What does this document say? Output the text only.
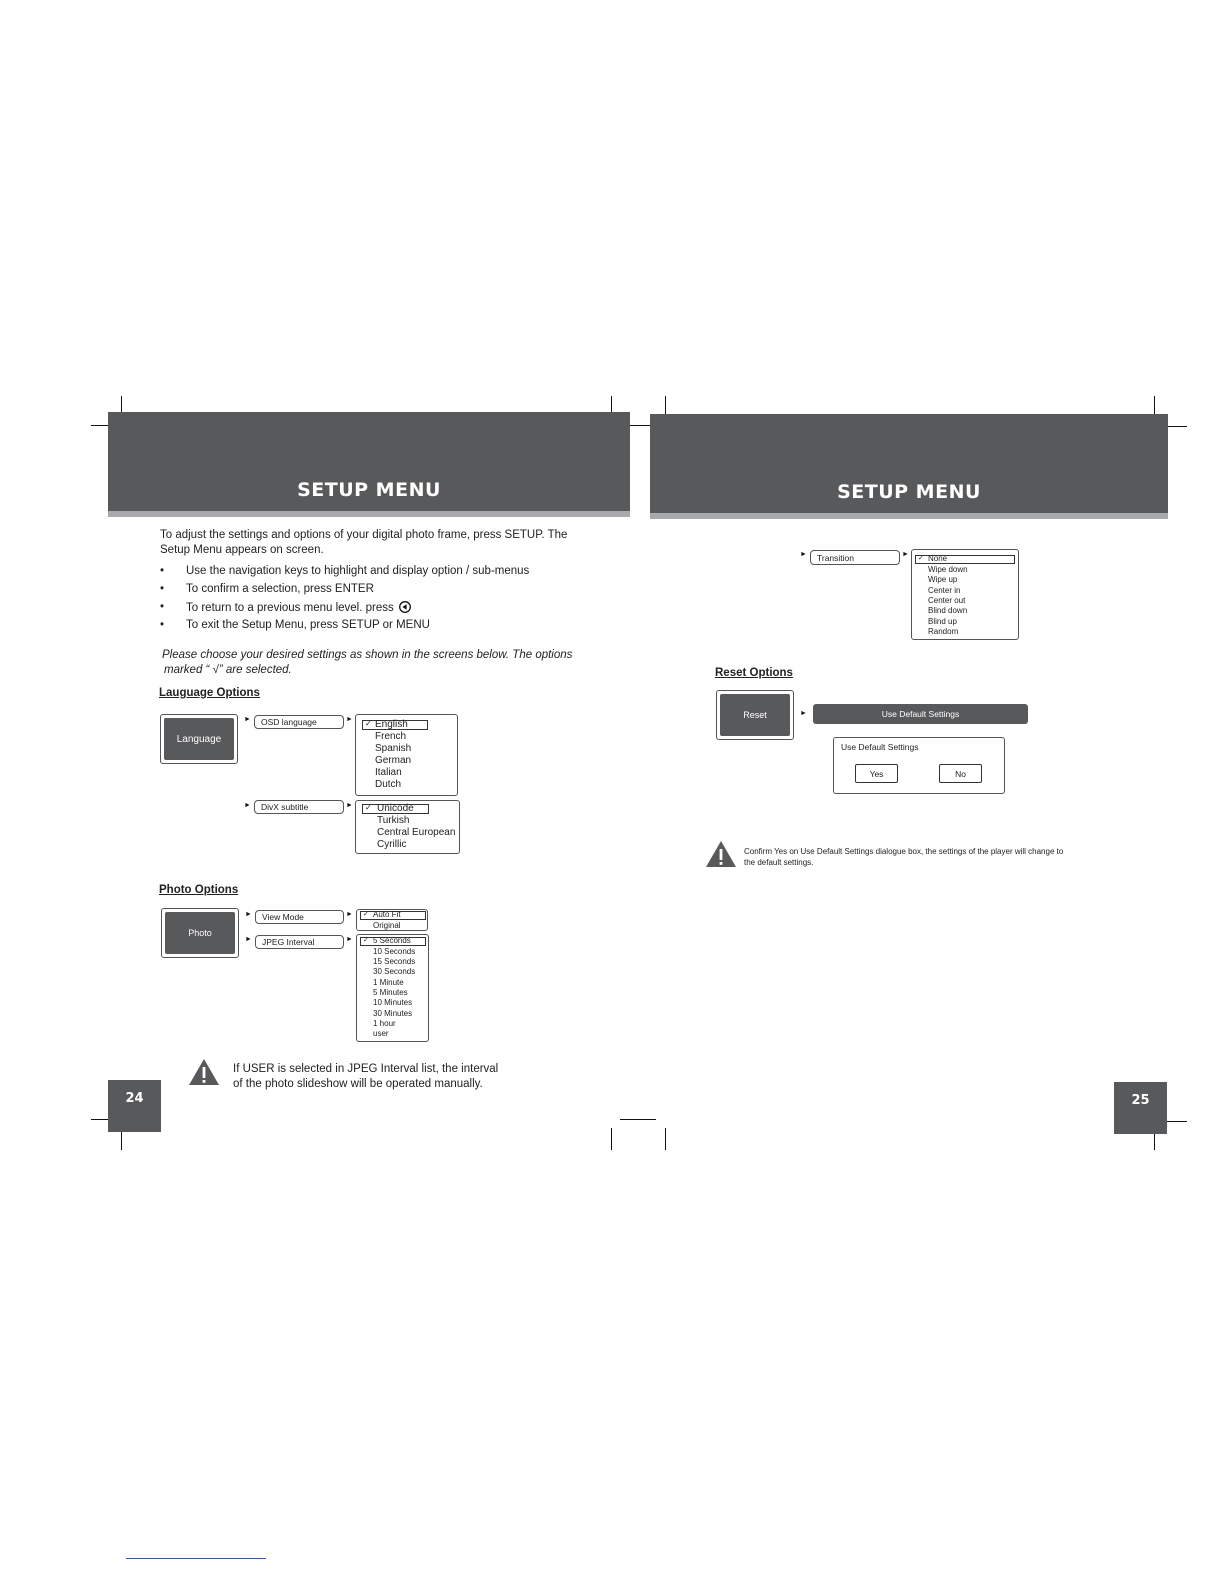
SETUP MENU
To adjust the settings and options of your digital photo frame, press SETUP. The
Setup Menu appears on screen.
• Use the navigation keys to highlight and display option / sub-menus
• To confirm a selection, press ENTER
• To return to a previous menu level. press
• To exit the Setup Menu, press SETUP or MENU
Please choose your desired settings as shown in the screens below. The options
marked “ √” are selected.
Lauguage Options
Language
►	OSD language	► ✓ English
French
Spanish
German
Italian
Dutch
►	DivX subtitle	► ✓ Unicode
Turkish
Central European
Cyrillic
Photo Options
Photo
►	View Mode	► ✓ Auto Fit
Original
►	JPEG Interval	► ✓ 5 Seconds
10 Seconds
15 Seconds
30 Seconds
1 Minute
5 Minutes
10 Minutes
30 Minutes
1 hour
user
If USER is selected in JPEG Interval list, the interval
of the photo slideshow will be operated manually.
24
SETUP MENU
►	Transition	►
✓ None
Wipe down
Wipe up
Center in
Center out
Blind down
Blind up
Random
Reset Options
Reset	►	Use Default Settings
Use Default Settings
Yes	No
Confirm Yes on Use Default Settings dialogue box, the settings of the player will change to
the default settings.
25
